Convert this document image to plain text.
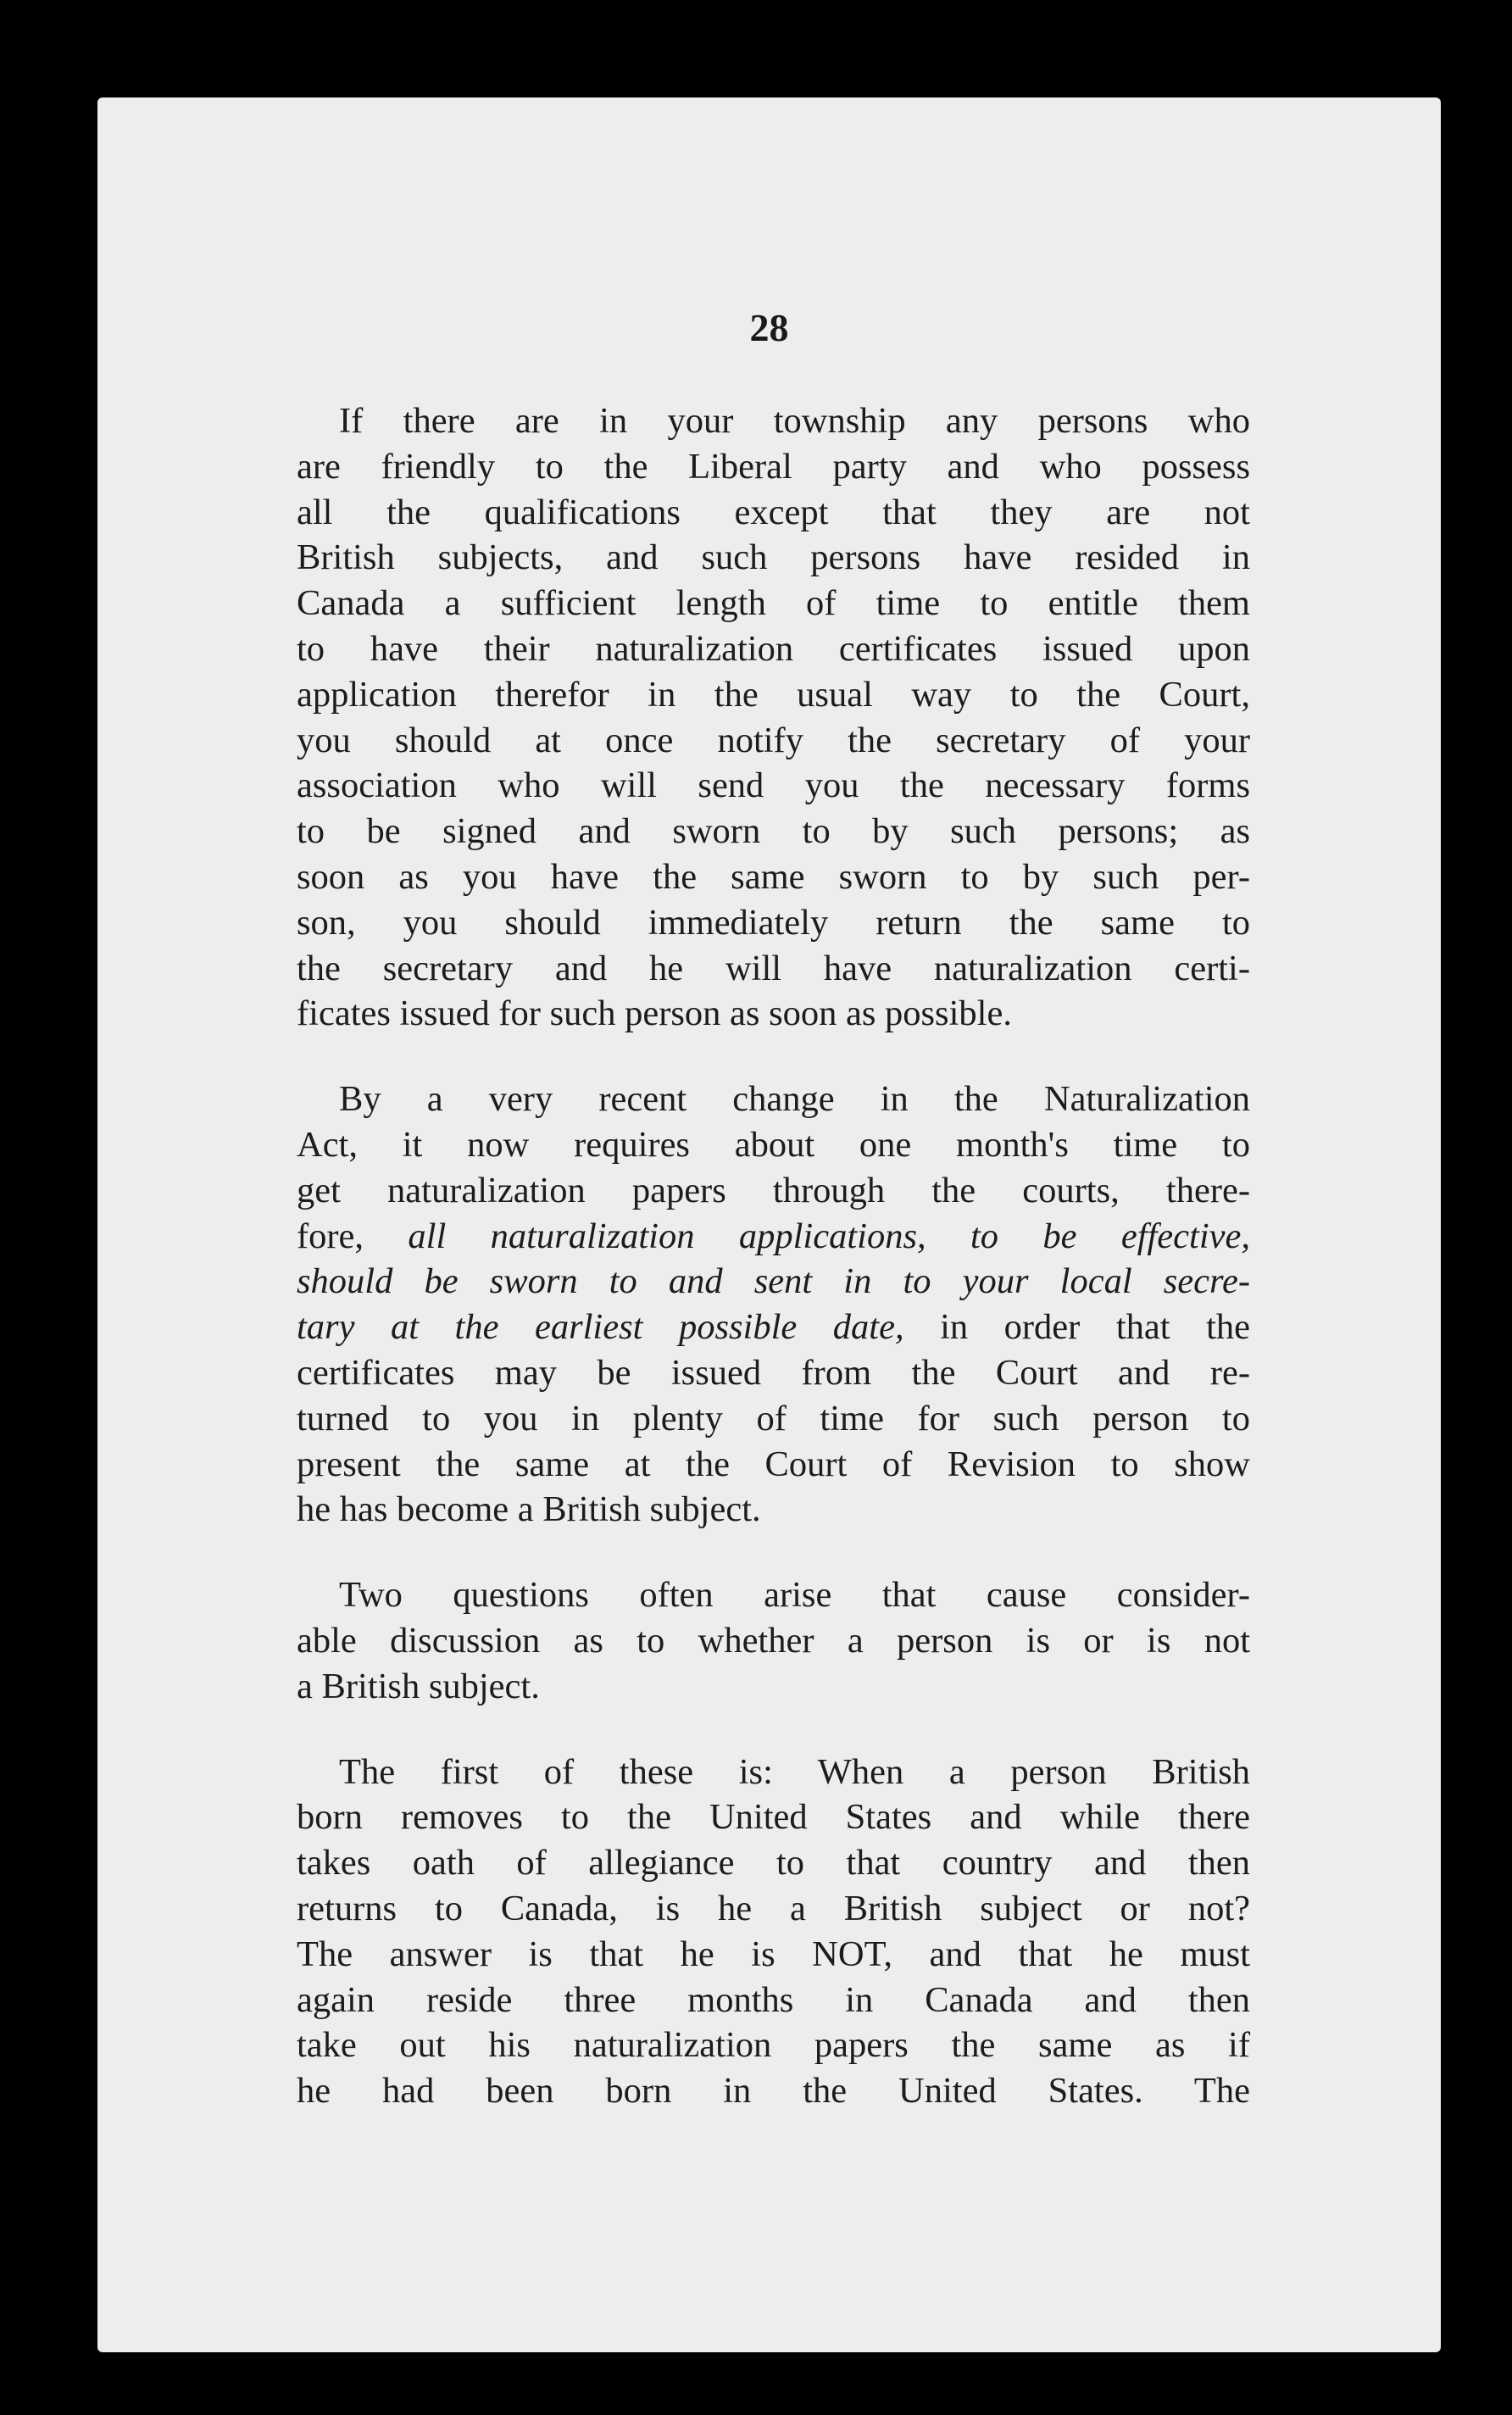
28
If there are in your township any persons who
are friendly to the Liberal party and who possess
all the qualifications except that they are not
British subjects, and such persons have resided in
Canada a sufficient length of time to entitle them
to have their naturalization certificates issued upon
application therefor in the usual way to the Court,
you should at once notify the secretary of your
association who will send you the necessary forms
to be signed and sworn to by such persons; as
soon as you have the same sworn to by such per-
son, you should immediately return the same to
the secretary and he will have naturalization certi-
ficates issued for such person as soon as possible.
By a very recent change in the Naturalization
Act, it now requires about one month's time to
get naturalization papers through the courts, there-
fore, all naturalization applications, to be effective,
should be sworn to and sent in to your local secre-
tary at the earliest possible date, in order that the
certificates may be issued from the Court and re-
turned to you in plenty of time for such person to
present the same at the Court of Revision to show
he has become a British subject.
Two questions often arise that cause consider-
able discussion as to whether a person is or is not
a British subject.
The first of these is: When a person British
born removes to the United States and while there
takes oath of allegiance to that country and then
returns to Canada, is he a British subject or not?
The answer is that he is NOT, and that he must
again reside three months in Canada and then
take out his naturalization papers the same as if
he had been born in the United States. The
